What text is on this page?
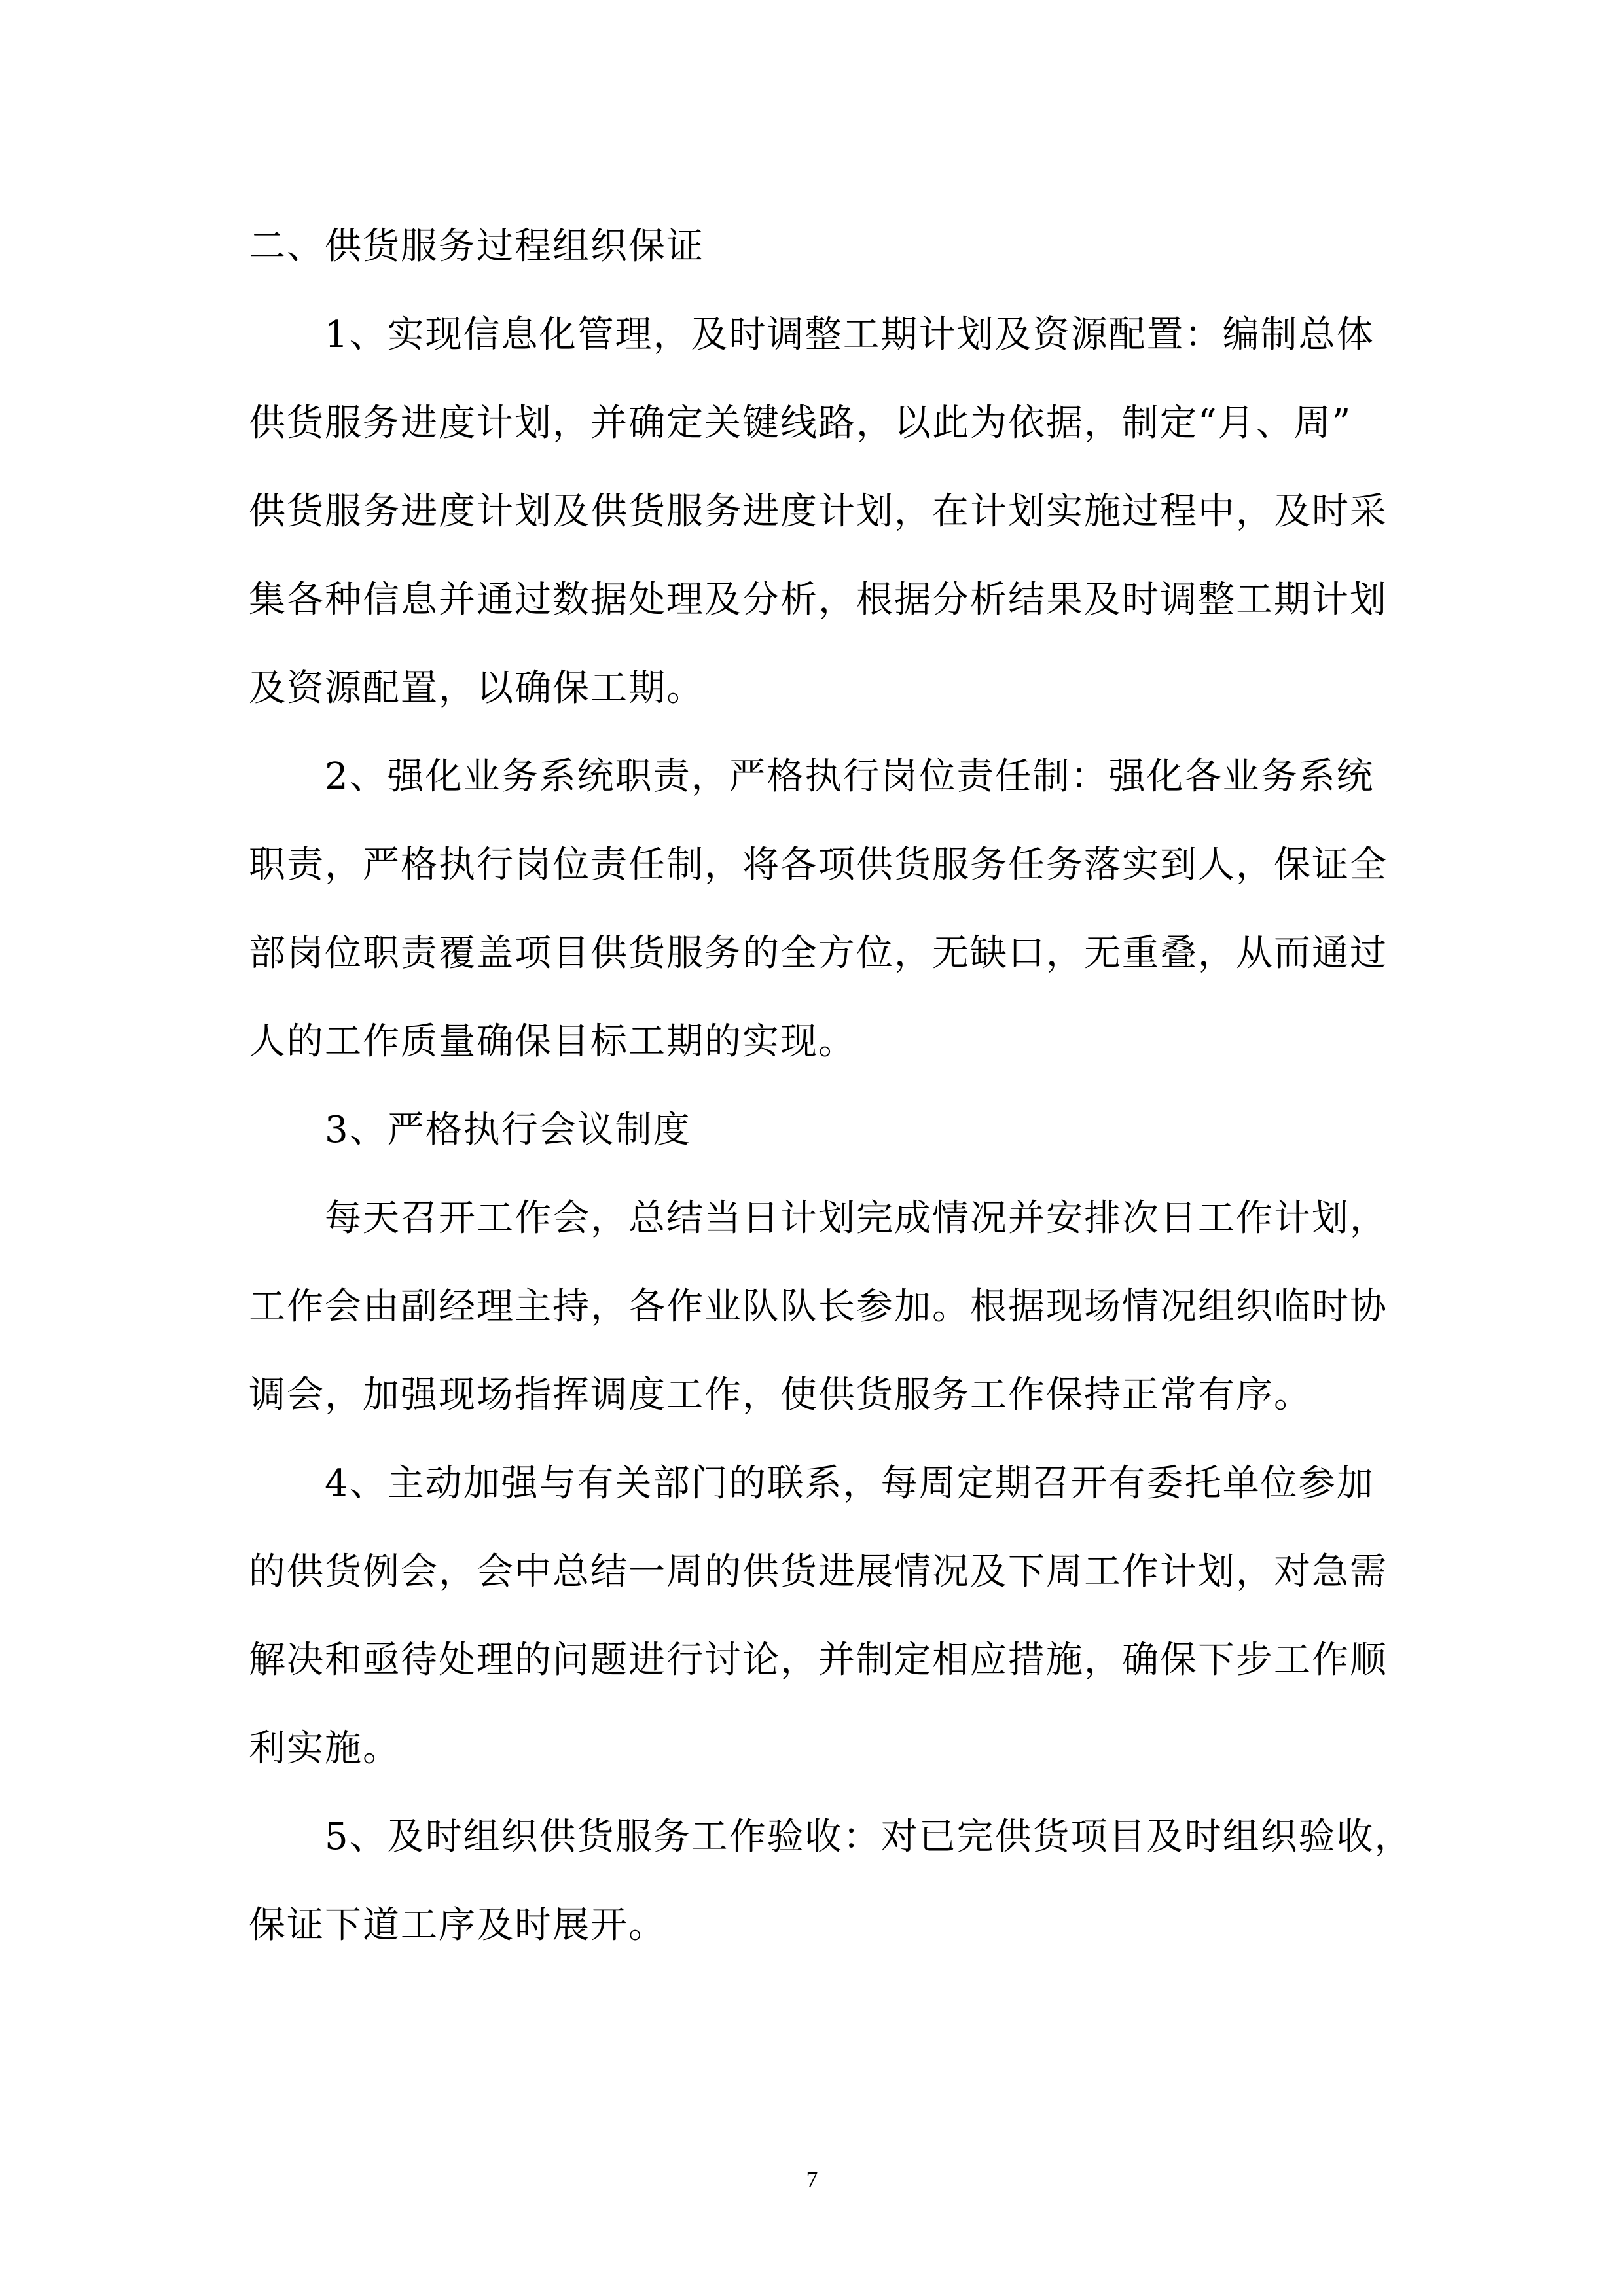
二、供货服务过程组织保证

1、实现信息化管理，及时调整工期计划及资源配置：编制总体

供货服务进度计划，并确定关键线路，以此为依据，制定“月、周”

供货服务进度计划及供货服务进度计划，在计划实施过程中，及时采

集各种信息并通过数据处理及分析，根据分析结果及时调整工期计划

及资源配置，以确保工期。

2、强化业务系统职责，严格执行岗位责任制：强化各业务系统

职责，严格执行岗位责任制，将各项供货服务任务落实到人，保证全

部岗位职责覆盖项目供货服务的全方位，无缺口，无重叠，从而通过

人的工作质量确保目标工期的实现。

3、严格执行会议制度

每天召开工作会，总结当日计划完成情况并安排次日工作计划，

工作会由副经理主持，各作业队队长参加。根据现场情况组织临时协

调会，加强现场指挥调度工作，使供货服务工作保持正常有序。

4、主动加强与有关部门的联系，每周定期召开有委托单位参加

的供货例会，会中总结一周的供货进展情况及下周工作计划，对急需

解决和亟待处理的问题进行讨论，并制定相应措施，确保下步工作顺

利实施。

5、及时组织供货服务工作验收：对已完供货项目及时组织验收，

保证下道工序及时展开。

7
